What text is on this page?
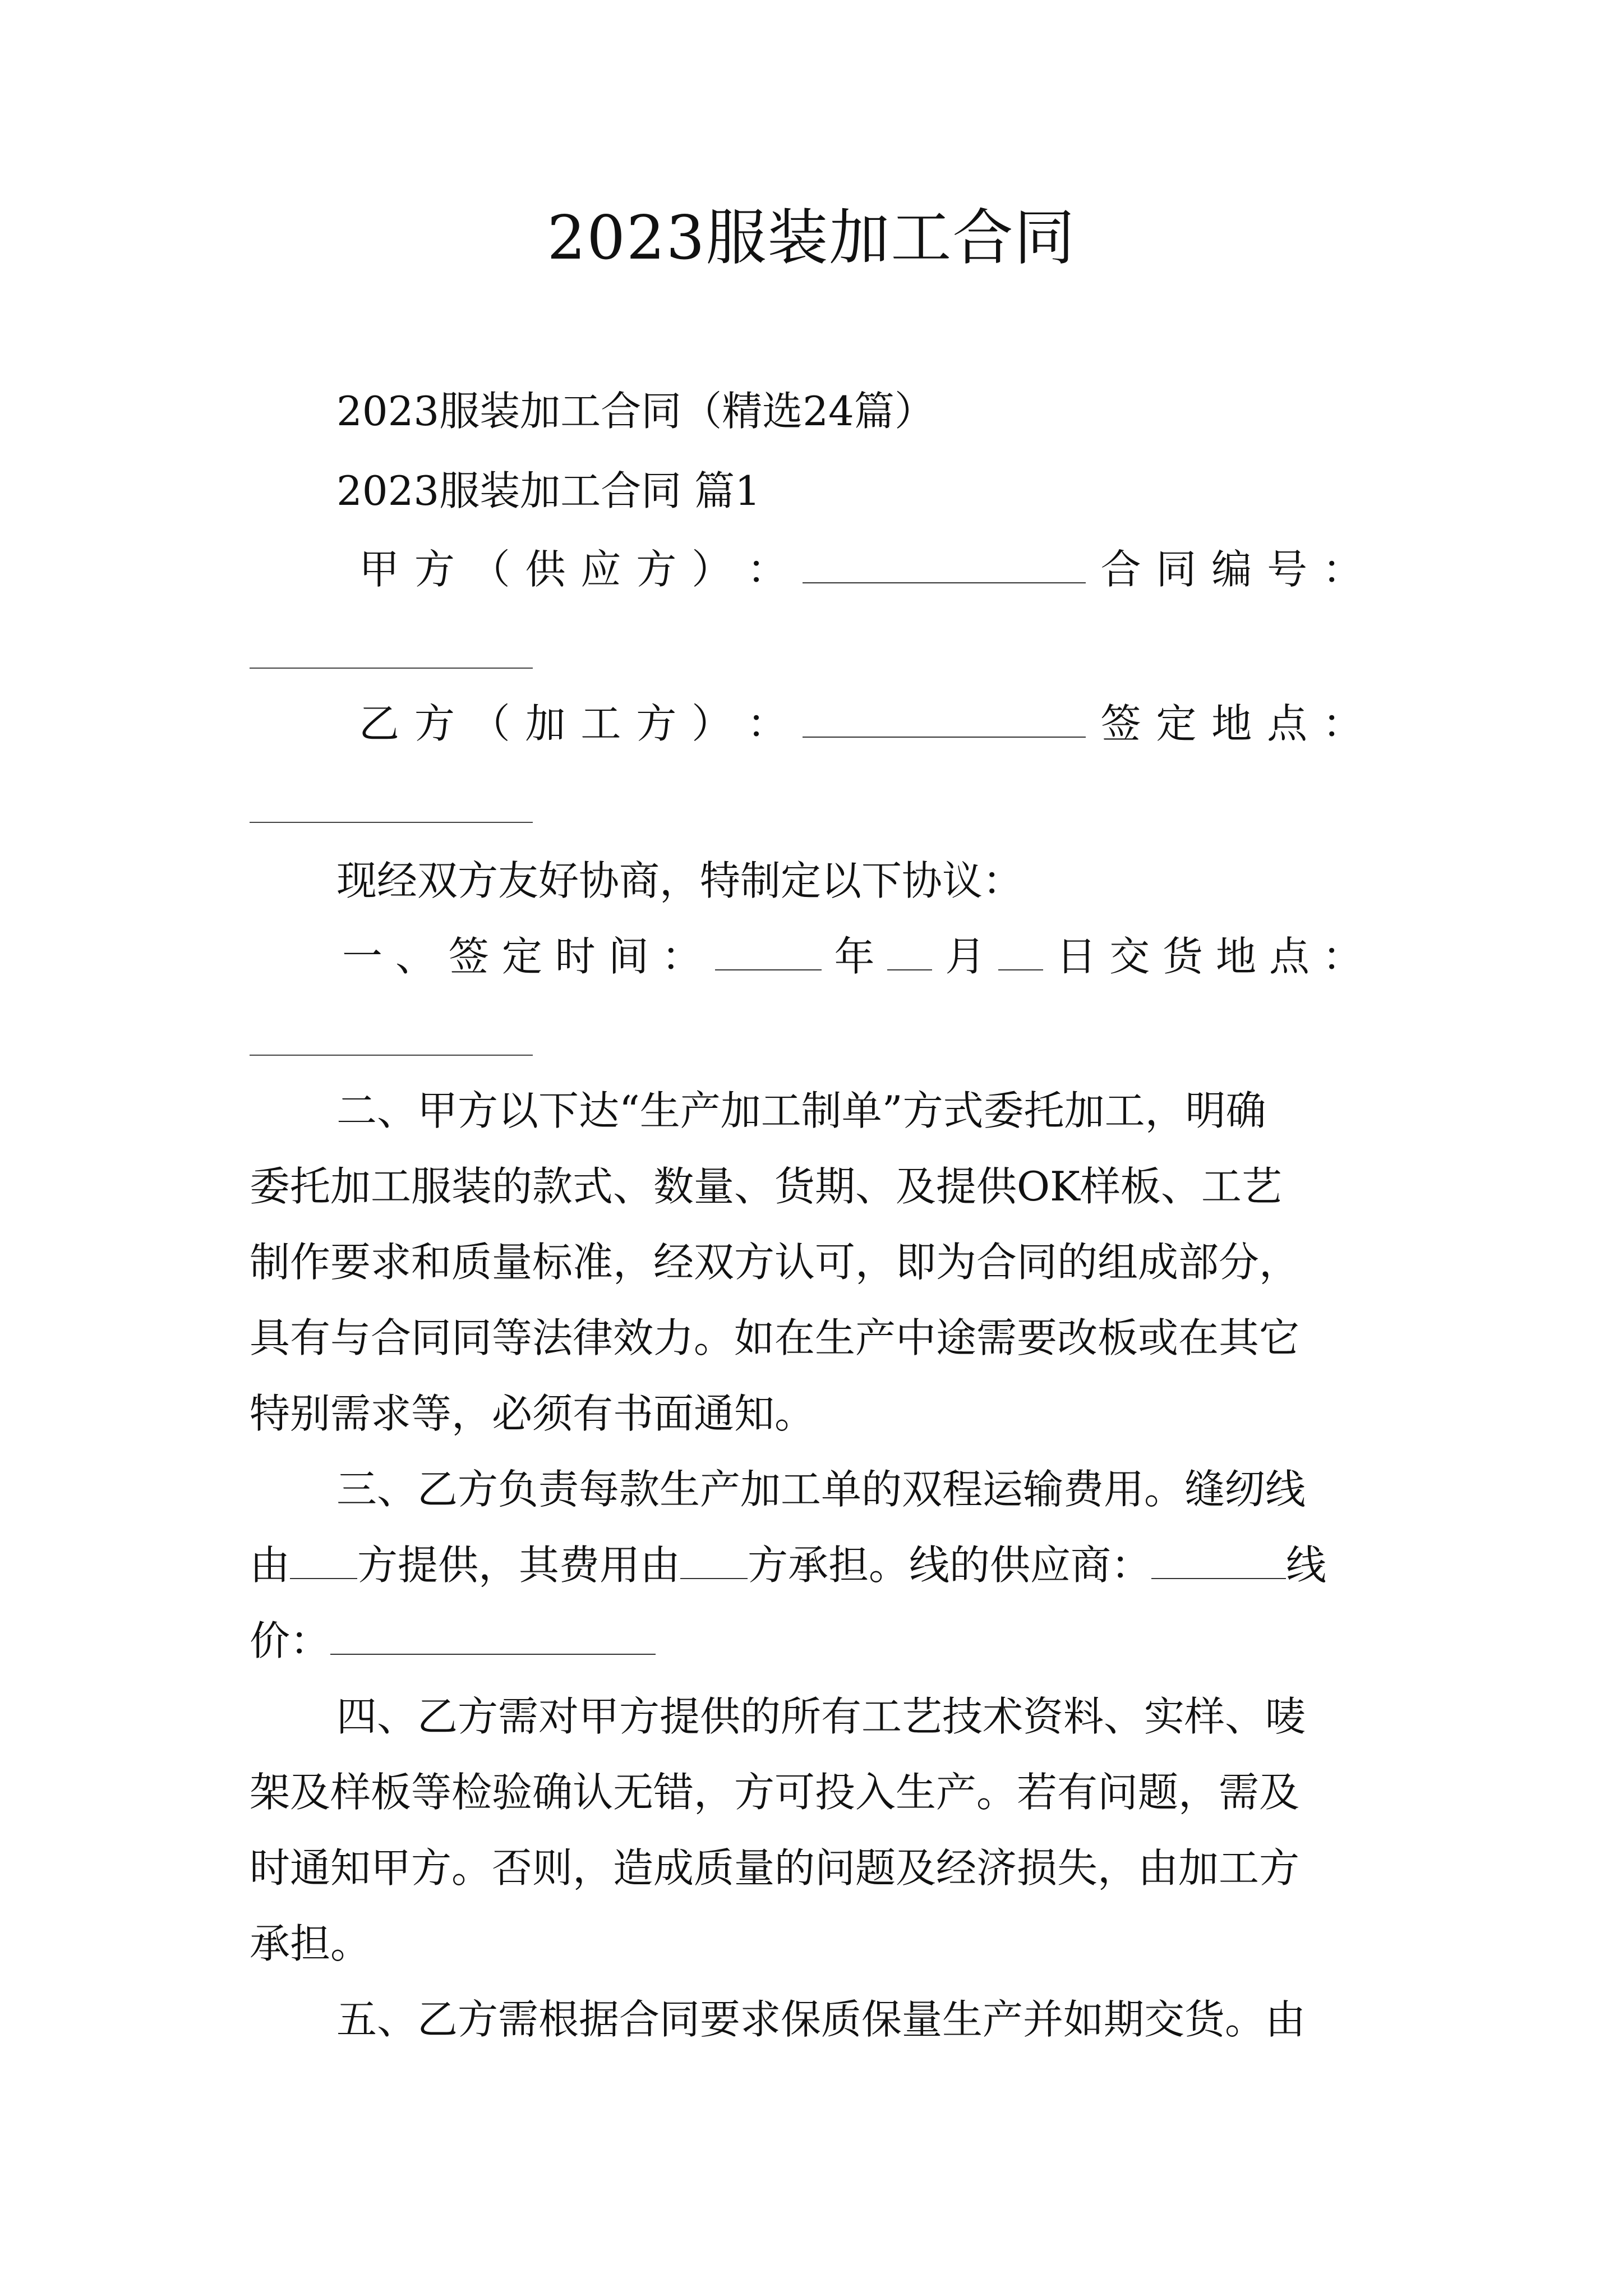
2023服装加工合同
2023服装加工合同（精选24篇）
2023服装加工合同 篇1
甲 方 （ 供 应 方 ） ：	合 同 编 号 ：
乙 方 （ 加 工 方 ） ：	签 定 地 点 ：
现经双方友好协商，特制定以下协议：
一 、 签 定 时 间 ：	年 月 日 交 货 地 点 ：
二、甲方以下达“生产加工制单”方式委托加工，明确
委托加工服装的款式、数量、货期、及提供OK样板、工艺
制作要求和质量标准，经双方认可，即为合同的组成部分，
具有与合同同等法律效力。如在生产中途需要改板或在其它
特别需求等，必须有书面通知。
三、乙方负责每款生产加工单的双程运输费用。缝纫线
由 方提供，其费用由 方承担。线的供应商：	线
价：
四、乙方需对甲方提供的所有工艺技术资料、实样、唛
架及样板等检验确认无错，方可投入生产。若有问题，需及
时通知甲方。否则，造成质量的问题及经济损失，由加工方
承担。
五、乙方需根据合同要求保质保量生产并如期交货。由
